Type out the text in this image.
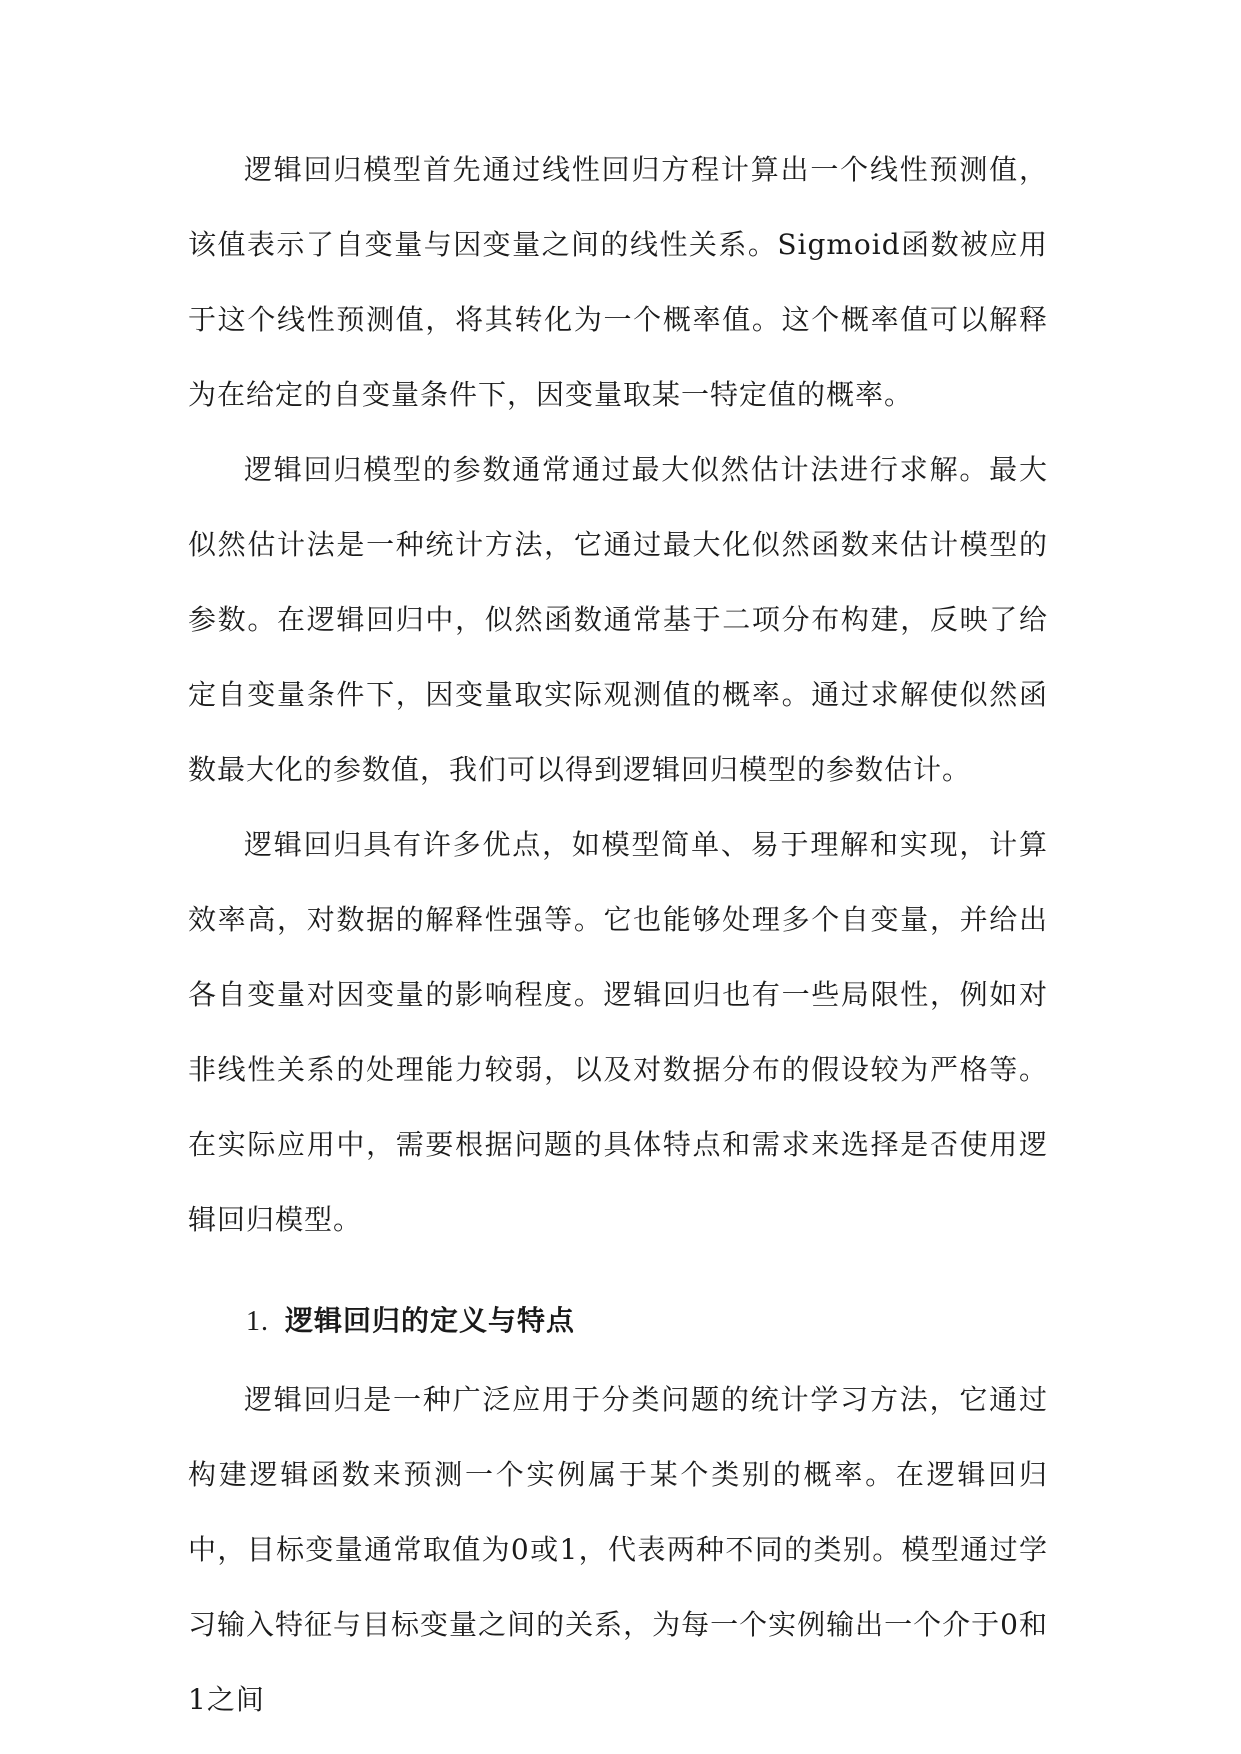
逻辑回归模型首先通过线性回归方程计算出一个线性预测值，该值表示了自变量与因变量之间的线性关系。Sigmoid函数被应用于这个线性预测值，将其转化为一个概率值。这个概率值可以解释为在给定的自变量条件下，因变量取某一特定值的概率。

逻辑回归模型的参数通常通过最大似然估计法进行求解。最大似然估计法是一种统计方法，它通过最大化似然函数来估计模型的参数。在逻辑回归中，似然函数通常基于二项分布构建，反映了给定自变量条件下，因变量取实际观测值的概率。通过求解使似然函数最大化的参数值，我们可以得到逻辑回归模型的参数估计。

逻辑回归具有许多优点，如模型简单、易于理解和实现，计算效率高，对数据的解释性强等。它也能够处理多个自变量，并给出各自变量对因变量的影响程度。逻辑回归也有一些局限性，例如对非线性关系的处理能力较弱，以及对数据分布的假设较为严格等。在实际应用中，需要根据问题的具体特点和需求来选择是否使用逻辑回归模型。

1. 逻辑回归的定义与特点

逻辑回归是一种广泛应用于分类问题的统计学习方法，它通过构建逻辑函数来预测一个实例属于某个类别的概率。在逻辑回归中，目标变量通常取值为0或1，代表两种不同的类别。模型通过学习输入特征与目标变量之间的关系，为每一个实例输出一个介于0和1之间
